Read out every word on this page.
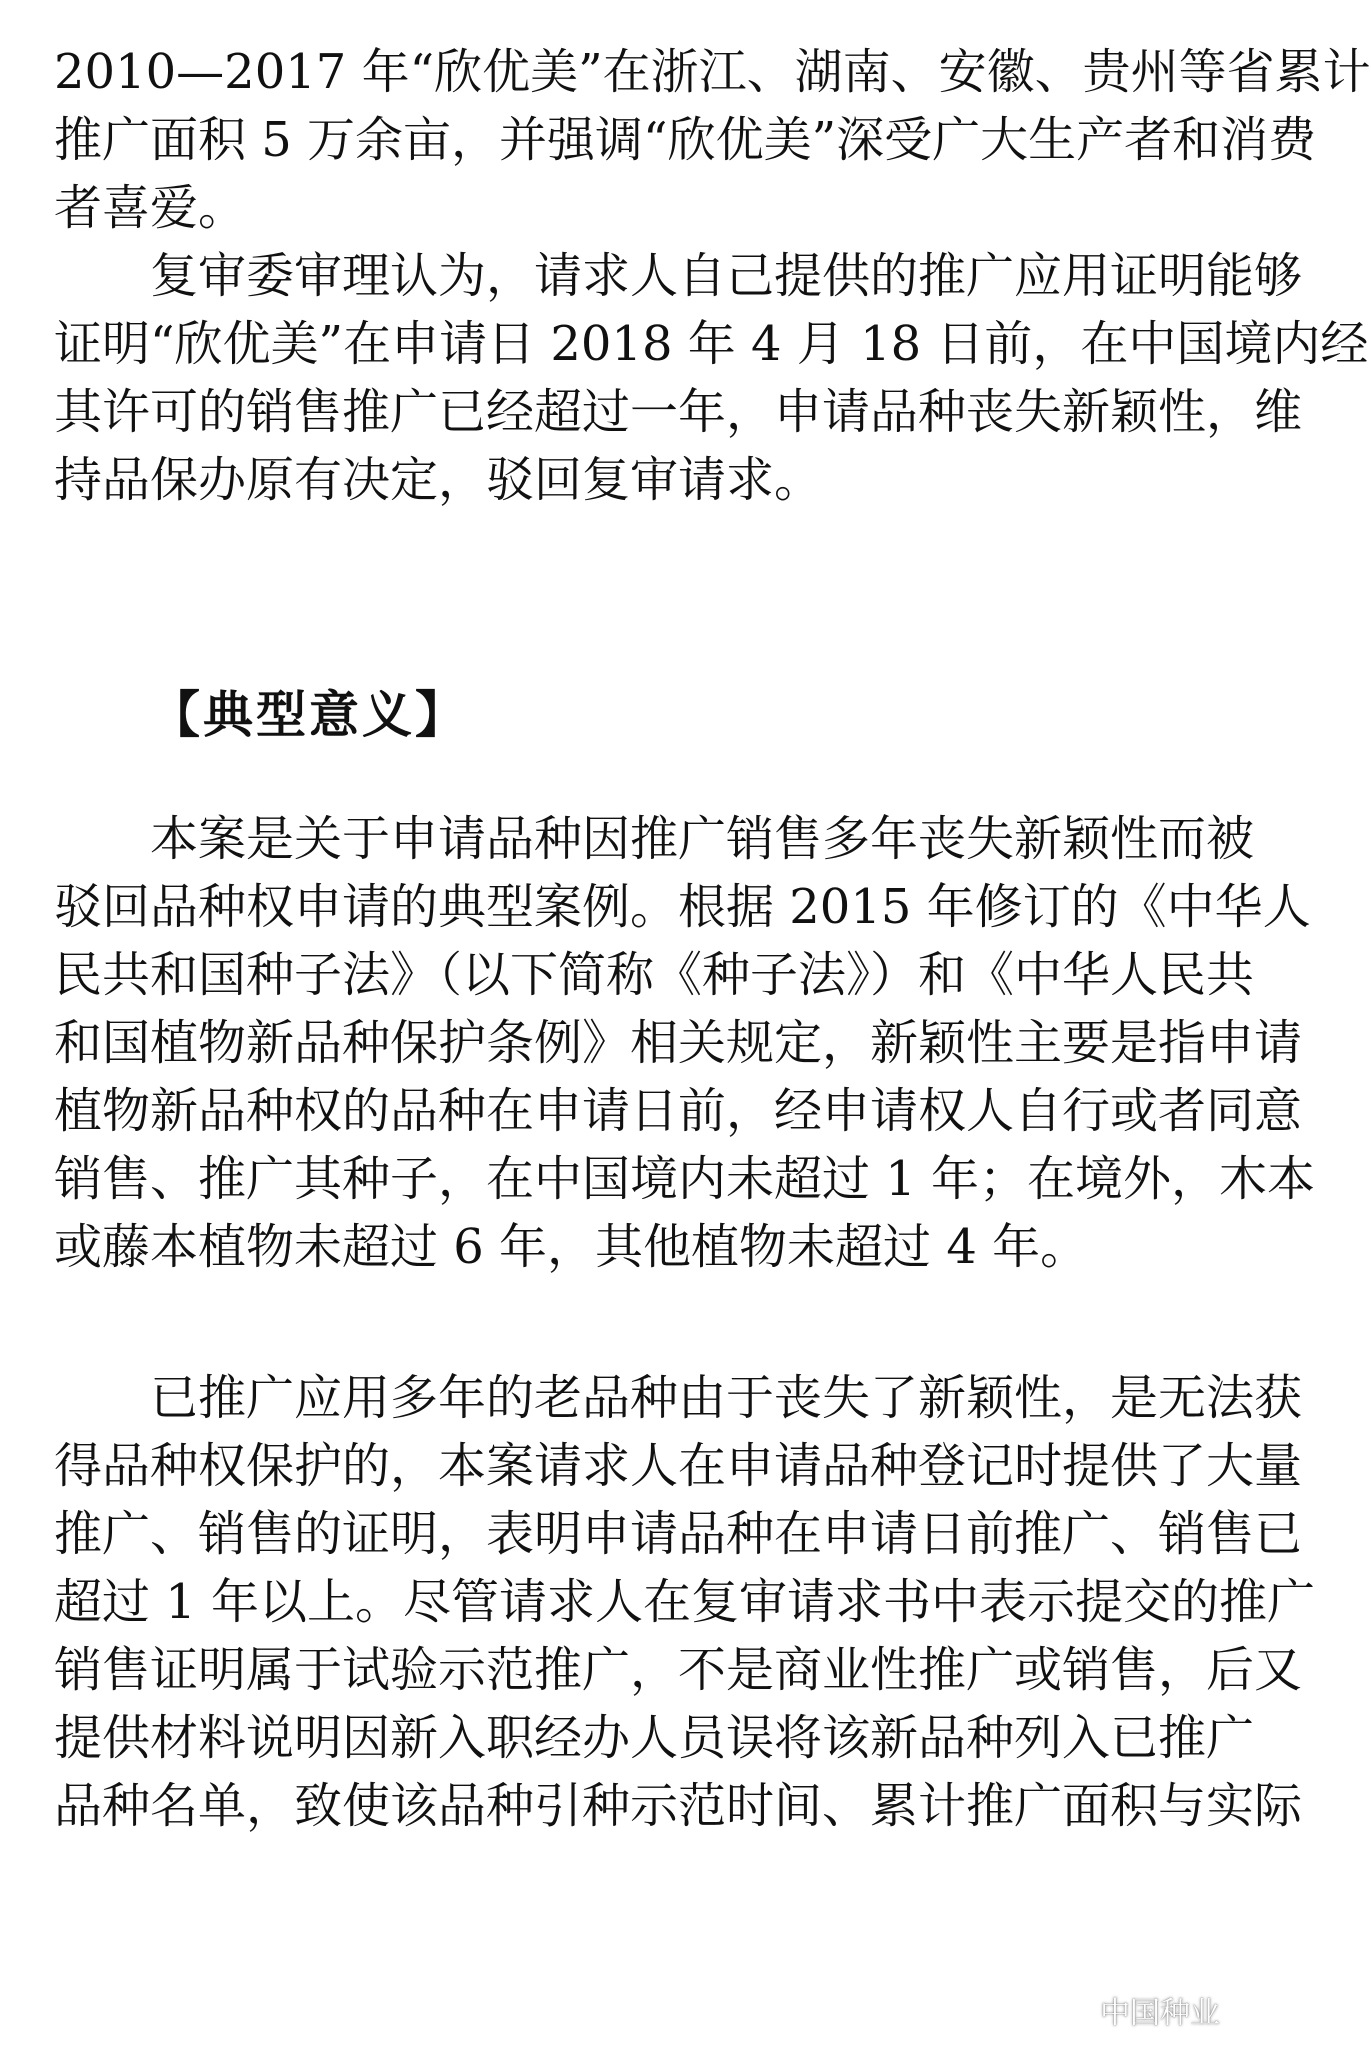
2010—2017 年“欣优美”在浙江、湖南、安徽、贵州等省累计
推广面积 5 万余亩，并强调“欣优美”深受广大生产者和消费
者喜爱。
复审委审理认为，请求人自己提供的推广应用证明能够
证明“欣优美”在申请日 2018 年 4 月 18 日前，在中国境内经
其许可的销售推广已经超过一年，申请品种丧失新颖性，维
持品保办原有决定，驳回复审请求。
【典型意义】
本案是关于申请品种因推广销售多年丧失新颖性而被
驳回品种权申请的典型案例。根据 2015 年修订的《中华人
民共和国种子法》（以下简称《种子法》）和《中华人民共
和国植物新品种保护条例》相关规定，新颖性主要是指申请
植物新品种权的品种在申请日前，经申请权人自行或者同意
销售、推广其种子，在中国境内未超过 1 年；在境外，木本
或藤本植物未超过 6 年，其他植物未超过 4 年。
已推广应用多年的老品种由于丧失了新颖性，是无法获
得品种权保护的，本案请求人在申请品种登记时提供了大量
推广、销售的证明，表明申请品种在申请日前推广、销售已
超过 1 年以上。尽管请求人在复审请求书中表示提交的推广
销售证明属于试验示范推广，不是商业性推广或销售，后又
提供材料说明因新入职经办人员误将该新品种列入已推广
品种名单，致使该品种引种示范时间、累计推广面积与实际
中国种业
